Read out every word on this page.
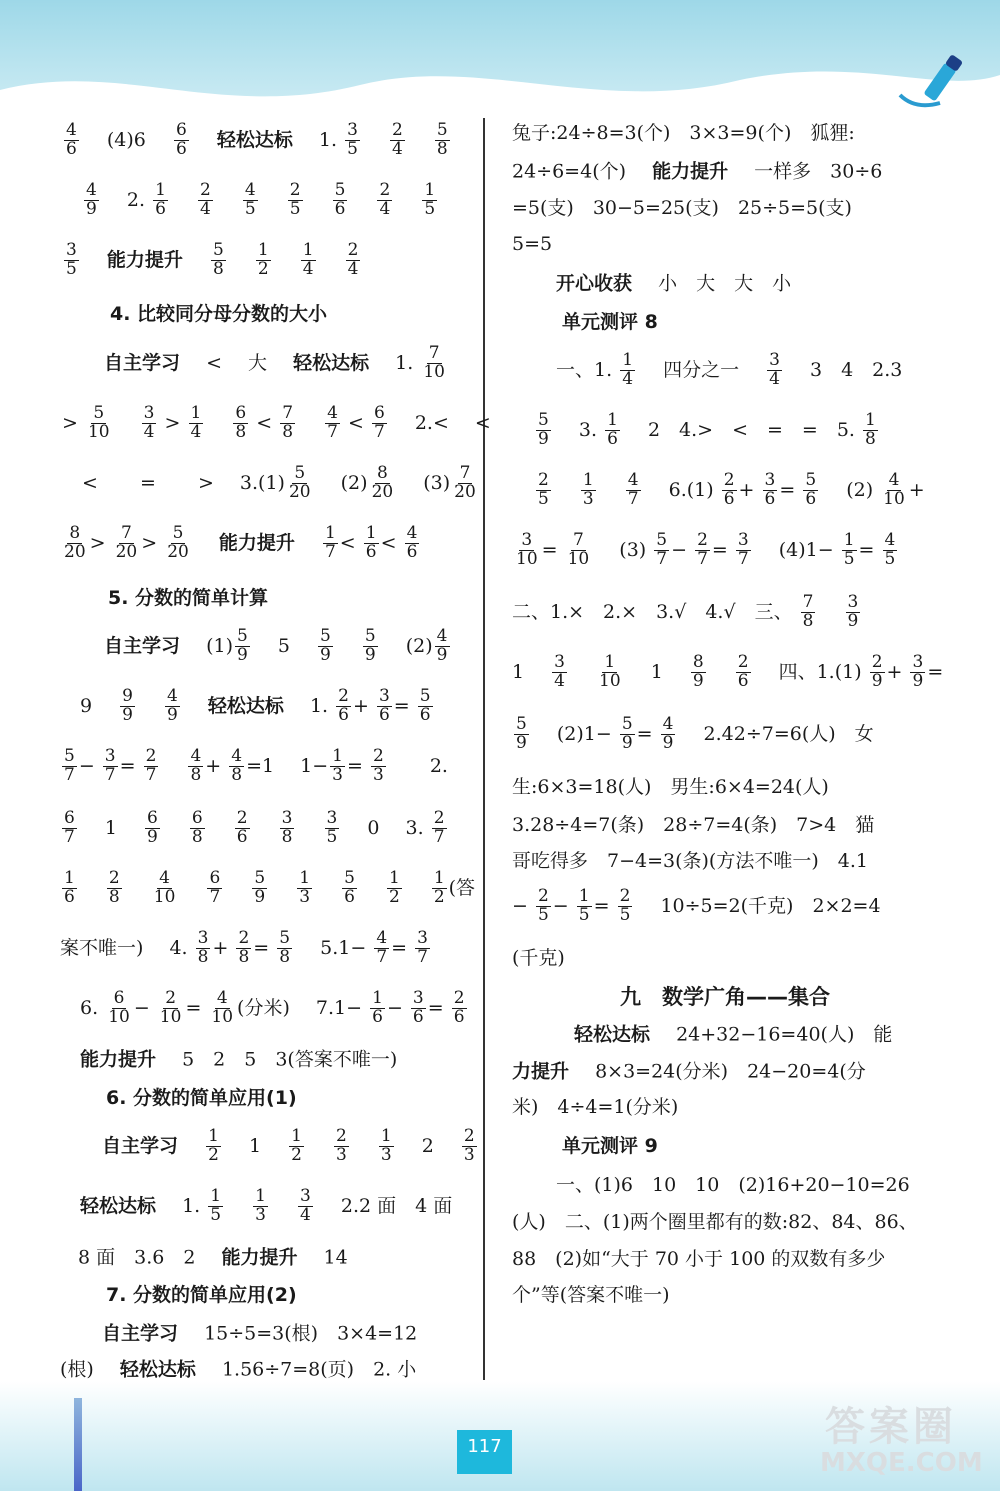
$\frac{4}{6} (4)6 \frac{6}{6}$ 轻松达标 1. $\frac{3}{5}$
$\frac{2}{4}$
$\frac{5}{8}$
$\frac{4}{9} 2$. $\frac{1}{6}$
$\frac{2}{4}$
$\frac{4}{5}$
$\frac{2}{5}$
$\frac{5}{6}$
$\frac{2}{4}$
$\frac{1}{5}$
$\frac{3}{5}$ 能力提升 $\frac{5}{8}$
$\frac{1}{2}$
$\frac{1}{4}$
$\frac{2}{4}$
4. 比较同分母分数的大小
自主学习 < 大 轻松达标 1. $\frac{7}{10}$
> $\frac{5}{10}$
$\frac{3}{4} > \frac{1}{4}$
$\frac{6}{8} < \frac{7}{8}$
$\frac{4}{7} < \frac{6}{7} 2.<$ <
< = > $3.(1) \frac{5}{20} (2) \frac{8}{20} (3) \frac{7}{20}$
$\frac{8}{20} > \frac{7}{20} > \frac{5}{20}$ 能力提升 $\frac{1}{7} < \frac{1}{6} < \frac{4}{6}$
5. 分数的简单计算
自主学习 $(1) \frac{5}{9} 5 \frac{5}{9}$
$\frac{5}{9} (2) \frac{4}{9}$
$9 \frac{9}{9}$
$\frac{4}{9}$ 轻松达标 1. $\frac{2}{6} + \frac{3}{6} = \frac{5}{6}$
$\frac{5}{7} - \frac{3}{7} = \frac{2}{7}$
$\frac{4}{8} + \frac{4}{8} =1$ $1- \frac{1}{3} = \frac{2}{3} 2$.
$\frac{6}{7} 1 \frac{6}{9}$
$\frac{6}{8}$
$\frac{2}{6}$
$\frac{3}{8}$
$\frac{3}{5} 0$ 3. $\frac{2}{7}$
$\frac{1}{6}$
$\frac{2}{8}$
$\frac{4}{10}$
$\frac{6}{7}$
$\frac{5}{9}$
$\frac{1}{3}$
$\frac{5}{6}$
$\frac{1}{2}$
$\frac{1}{2}$ (答
案不唯一) 4. $\frac{3}{8} + \frac{2}{8} = \frac{5}{8} 5.1- \frac{4}{7} = \frac{3}{7}$
6. $\frac{6}{10} - \frac{2}{10} = \frac{4}{10}$ (分米) $7.1- \frac{1}{6} - \frac{3}{6} = \frac{2}{6}$
能力提升 5　2　5　3(答案不唯一)
6. 分数的简单应用(1)
自主学习 $\frac{1}{2} 1 \frac{1}{2}$
$\frac{2}{3}$
$\frac{1}{3} 2 \frac{2}{3}$
轻松达标 1. $\frac{1}{5}$
$\frac{1}{3}$
$\frac{3}{4} 2.2$ 面　4 面
8 面　3.6　2 能力提升 14
7. 分数的简单应用(2)
自主学习 15÷5=3(根)　3×4=12
(根) 轻松达标 1.56÷7=8(页)　2. 小
兔子:24÷8=3(个)　3×3=9(个)　狐狸:
24÷6=4(个) 能力提升 一样多　30÷6
=5(支)　30−5=25(支)　25÷5=5(支)
5=5
开心收获 小　大　大　小
单元测评 8
一、1. $\frac{1}{4}$ 四分之一 $\frac{3}{4} 3$　4　2.3
$\frac{5}{9} 3$. $\frac{1}{6} 2$　4.>　<　=　=　5. $\frac{1}{8}$
$\frac{2}{5}$
$\frac{1}{3}$
$\frac{4}{7} 6.(1) \frac{2}{6} + \frac{3}{6} = \frac{5}{6} (2) \frac{4}{10}$ +
$\frac{3}{10} = \frac{7}{10} (3) \frac{5}{7} - \frac{2}{7} = \frac{3}{7} (4)1- \frac{1}{5} = \frac{4}{5}$
二、1.×　2.×　3.√　4.√　三、 $\frac{7}{8}$
$\frac{3}{9}$
$1 \frac{3}{4}$
$\frac{1}{10} 1 \frac{8}{9}$
$\frac{2}{6}$ 四、$1.(1) \frac{2}{9} + \frac{3}{9}$ =
$\frac{5}{9} (2)1- \frac{5}{9} = \frac{4}{9} 2.42\div 7=6$(人)　女
生:6×3=18(人)　男生:6×4=24(人)
3.28÷4=7(条)　28÷7=4(条)　7>4　猫
哥吃得多　7−4=3(条)(方法不唯一)　4.1
− $\frac{2}{5} - \frac{1}{5} = \frac{2}{5} 10\div 5=2$(千克)　2×2=4
(千克)
九　数学广角——集合
轻松达标 24+32−16=40(人)　能
力提升 8×3=24(分米)　24−20=4(分
米)　4÷4=1(分米)
单元测评 9
一、(1)6　10　10　(2)16+20−10=26
(人)　二、(1)两个圈里都有的数:82、84、86、
88　(2)如“大于 70 小于 100 的双数有多少
个”等(答案不唯一)
117	答案圈
MXQE.COM
